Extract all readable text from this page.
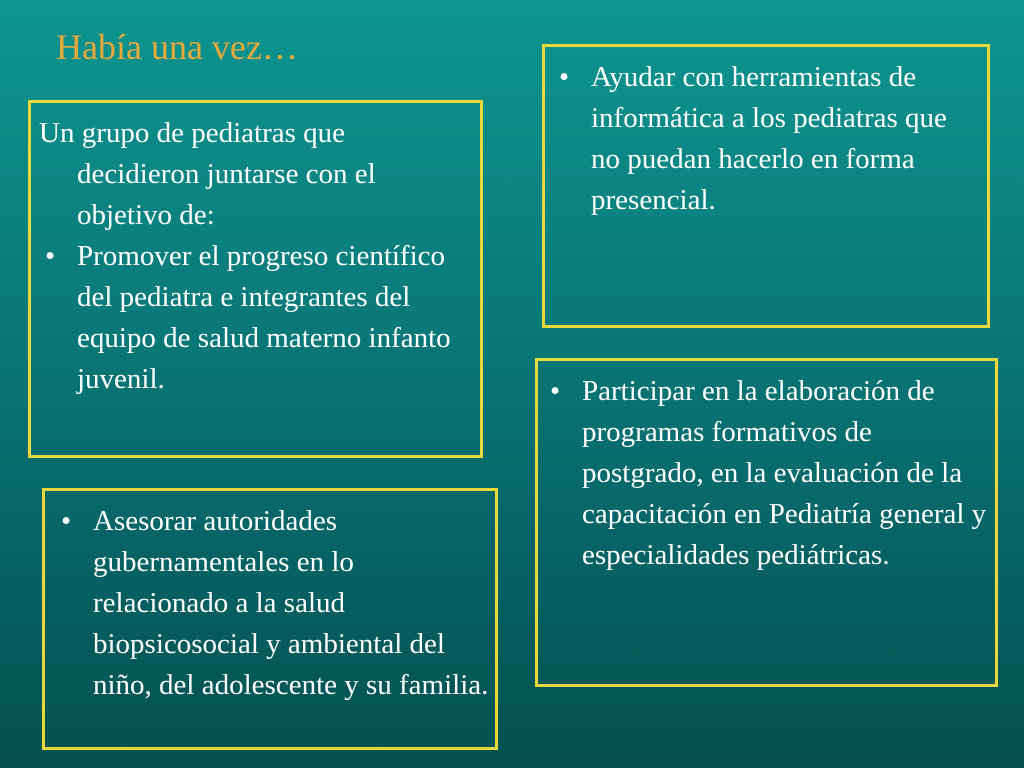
Había una vez…

Un grupo de pediatras que decidieron juntarse con el objetivo de:

• Promover el progreso científico del pediatra e integrantes del equipo de salud materno infanto juvenil.
• Ayudar con herramientas de informática a los pediatras que no puedan hacerlo en forma presencial.
• Participar en la elaboración de programas formativos de postgrado, en la evaluación de la capacitación en Pediatría general y especialidades pediátricas.
• Asesorar autoridades gubernamentales en lo relacionado a la salud biopsicosocial y ambiental del niño, del adolescente y su familia.
